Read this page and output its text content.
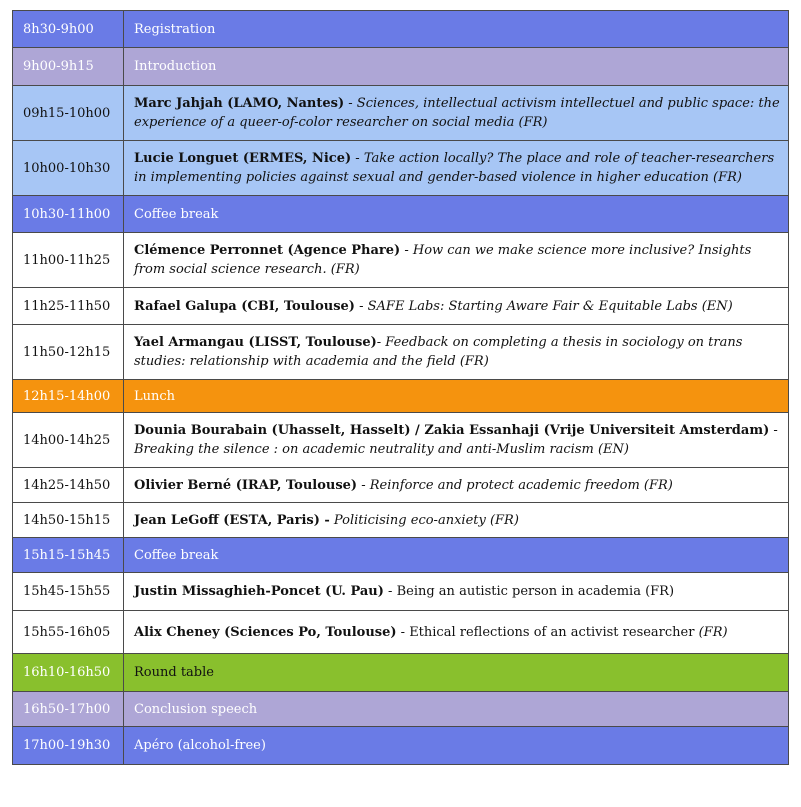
8h30-9h00	Registration
9h00-9h15	Introduction
09h15-10h00	Marc Jahjah (LAMO, Nantes) - Sciences, intellectual activism intellectuel and public space: the experience of a queer-of-color researcher on social media (FR)
10h00-10h30	Lucie Longuet (ERMES, Nice) - Take action locally? The place and role of teacher-researchers in implementing policies against sexual and gender-based violence in higher education (FR)
10h30-11h00	Coffee break
11h00-11h25	Clémence Perronnet (Agence Phare) - How can we make science more inclusive? Insights from social science research. (FR)
11h25-11h50	Rafael Galupa (CBI, Toulouse) - SAFE Labs: Starting Aware Fair & Equitable Labs (EN)
11h50-12h15	Yael Armangau (LISST, Toulouse)- Feedback on completing a thesis in sociology on trans studies: relationship with academia and the field (FR)
12h15-14h00	Lunch
14h00-14h25	Dounia Bourabain (Uhasselt, Hasselt) / Zakia Essanhaji (Vrije Universiteit Amsterdam) - Breaking the silence : on academic neutrality and anti-Muslim racism (EN)
14h25-14h50	Olivier Berné (IRAP, Toulouse) - Reinforce and protect academic freedom (FR)
14h50-15h15	Jean LeGoff (ESTA, Paris) - Politicising eco-anxiety (FR)
15h15-15h45	Coffee break
15h45-15h55	Justin Missaghieh-Poncet (U. Pau) - Being an autistic person in academia (FR)
15h55-16h05	Alix Cheney (Sciences Po, Toulouse) - Ethical reflections of an activist researcher (FR)
16h10-16h50	Round table
16h50-17h00	Conclusion speech
17h00-19h30	Apéro (alcohol-free)
